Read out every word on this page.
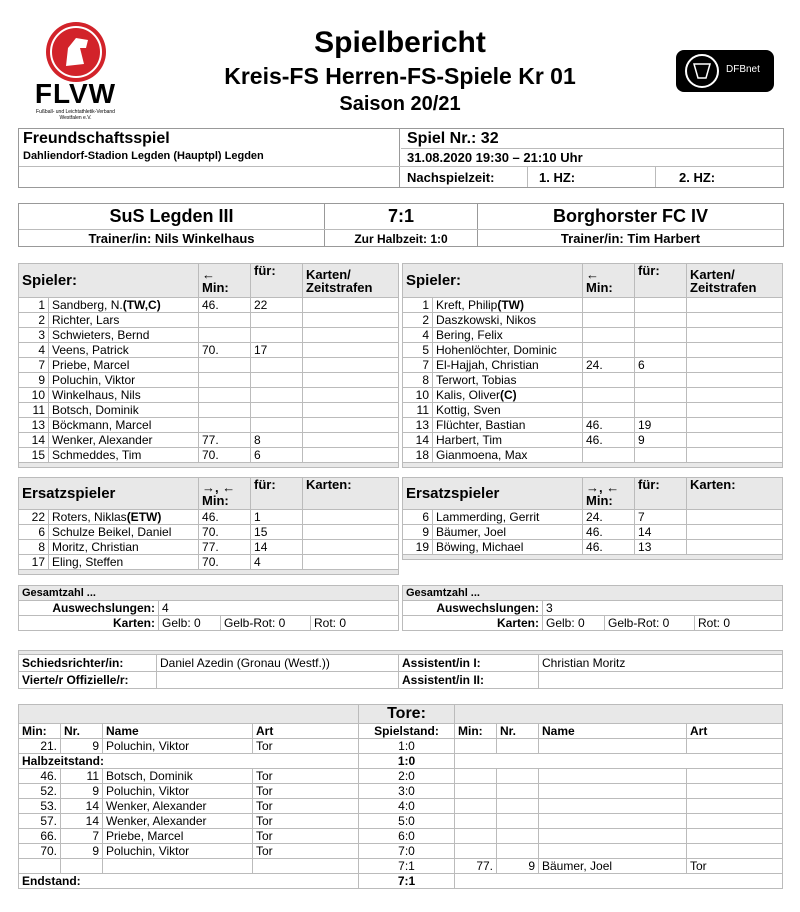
FLVW
Fußball- und Leichtathletik-Verband Westfalen e.V.
Spielbericht
Kreis-FS Herren-FS-Spiele Kr 01
Saison 20/21
DFBnet
Freundschaftsspiel
Dahliendorf-Stadion Legden (Hauptpl) Legden
Spiel Nr.: 32
31.08.2020 19:30 – 21:10 Uhr
Nachspielzeit:	1. HZ:	2. HZ:
SuS Legden III	7:1	Borghorster FC IV
Trainer/in: Nils Winkelhaus	Zur Halbzeit: 1:0	Trainer/in: Tim Harbert
Spieler:		←
Min:	für:	Karten/
Zeitstrafen
1	Sandberg, N.(TW,C)	46.	22	
2	Richter, Lars			
3	Schwieters, Bernd			
4	Veens, Patrick	70.	17	
7	Priebe, Marcel			
9	Poluchin, Viktor			
10	Winkelhaus, Nils			
11	Botsch, Dominik			
13	Böckmann, Marcel			
14	Wenker, Alexander	77.	8	
15	Schmeddes, Tim	70.	6	

Spieler:		←
Min:	für:	Karten/
Zeitstrafen
1	Kreft, Philip(TW)			
2	Daszkowski, Nikos			
4	Bering, Felix			
5	Hohenlöchter, Dominic			
7	El-Hajjah, Christian	24.	6	
8	Terwort, Tobias			
10	Kalis, Oliver(C)			
11	Kottig, Sven			
13	Flüchter, Bastian	46.	19	
14	Harbert, Tim	46.	9	
18	Gianmoena, Max			

Ersatzspieler		→, ←
Min:	für:	Karten:
22	Roters, Niklas(ETW)	46.	1	
6	Schulze Beikel, Daniel	70.	15	
8	Moritz, Christian	77.	14	
17	Eling, Steffen	70.	4	

Ersatzspieler		→, ←
Min:	für:	Karten:
6	Lammerding, Gerrit	24.	7	
9	Bäumer, Joel	46.	14	
19	Böwing, Michael	46.	13	

Gesamtzahl ...			
Auswechslungen:	4		
Karten:	Gelb: 0	Gelb-Rot: 0	Rot: 0
Gesamtzahl ...			
Auswechslungen:	3		
Karten:	Gelb: 0	Gelb-Rot: 0	Rot: 0

Schiedsrichter/in:	Daniel Azedin (Gronau (Westf.))	Assistent/in I:	Christian Moritz
Vierte/r Offizielle/r:		Assistent/in II:	
				Tore:				
Min:	Nr.	Name	Art	Spielstand:	Min:	Nr.	Name	Art
21.	9	Poluchin, Viktor	Tor	1:0				
Halbzeitstand:				1:0				
46.	11	Botsch, Dominik	Tor	2:0				
52.	9	Poluchin, Viktor	Tor	3:0				
53.	14	Wenker, Alexander	Tor	4:0				
57.	14	Wenker, Alexander	Tor	5:0				
66.	7	Priebe, Marcel	Tor	6:0				
70.	9	Poluchin, Viktor	Tor	7:0				
				7:1	77.	9	Bäumer, Joel	Tor
Endstand:				7:1				
